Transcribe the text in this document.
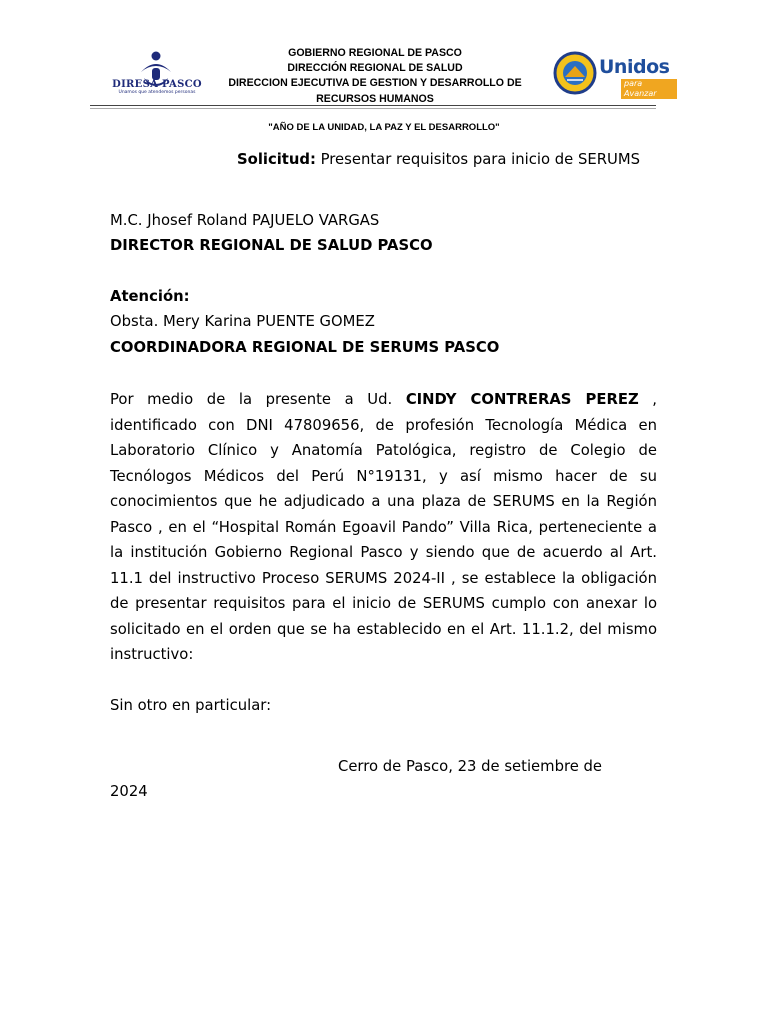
DIRESA PASCO
Unamos que atendemos personas
GOBIERNO REGIONAL DE PASCO
DIRECCIÓN REGIONAL DE SALUD
DIRECCION EJECUTIVA DE GESTION Y DESARROLLO DE
RECURSOS HUMANOS
Unidos
para Avanzar
"AÑO DE LA UNIDAD, LA PAZ Y EL DESARROLLO"
Solicitud: Presentar requisitos para inicio de SERUMS
M.C. Jhosef Roland PAJUELO VARGAS
DIRECTOR REGIONAL DE SALUD PASCO
Atención:
Obsta. Mery Karina PUENTE GOMEZ
COORDINADORA REGIONAL DE SERUMS PASCO
Por medio de la presente a Ud. CINDY CONTRERAS PEREZ , identificado con DNI 47809656, de profesión Tecnología Médica en Laboratorio Clínico y Anatomía Patológica, registro de Colegio de Tecnólogos Médicos del Perú N°19131, y así mismo hacer de su conocimientos que he adjudicado a una plaza de SERUMS en la Región Pasco , en el “Hospital Román Egoavil Pando” Villa Rica, perteneciente a la institución Gobierno Regional Pasco y siendo que de acuerdo al Art. 11.1 del instructivo Proceso SERUMS 2024-II , se establece la obligación de presentar requisitos para el inicio de SERUMS cumplo con anexar lo solicitado en el orden que se ha establecido en el Art. 11.1.2, del mismo instructivo:
Sin otro en particular:
Cerro de Pasco, 23 de setiembre de
2024
